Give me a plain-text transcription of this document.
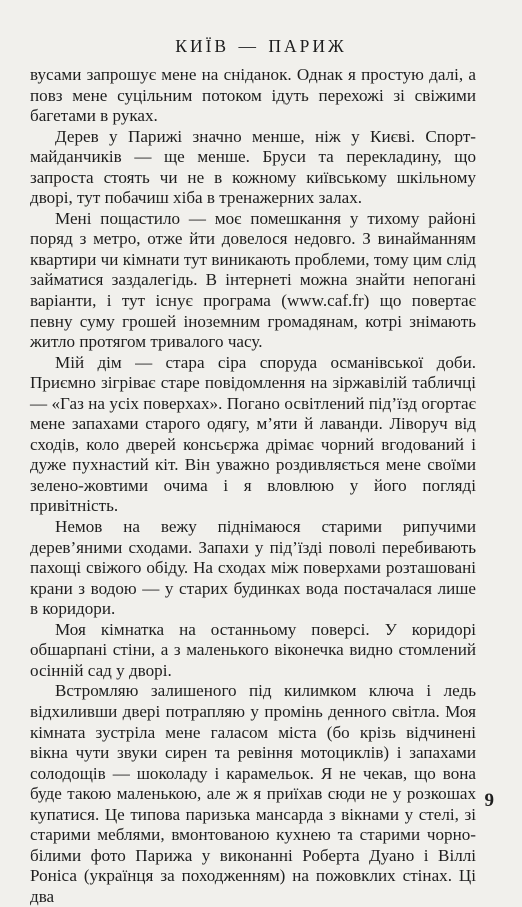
КИЇВ — ПАРИЖ

вусами запрошує мене на сніданок. Однак я простую далі, а повз мене суцільним потоком ідуть перехожі зі свіжими багетами в руках.

Дерев у Парижі значно менше, ніж у Києві. Спорт-майданчиків — ще менше. Бруси та перекладину, що запроста стоять чи не в кожному київському шкільному дворі, тут побачиш хіба в тренажерних залах.

Мені пощастило — моє помешкання у тихому районі поряд з метро, отже йти довелося недовго. З винайманням квартири чи кімнати тут виникають проблеми, тому цим слід займатися заздалегідь. В інтернеті можна знайти непогані варіанти, і тут існує програма (www.caf.fr) що повертає певну суму грошей іноземним громадянам, котрі знімають житло протягом тривалого часу.

Мій дім — стара сіра споруда османівської доби. Приємно зігріває старе повідомлення на зіржавілій табличці — «Газ на усіх поверхах». Погано освітлений під’їзд огортає мене запахами старого одягу, м’яти й лаванди. Ліворуч від сходів, коло дверей консьєржа дрімає чорний вгодований і дуже пухнастий кіт. Він уважно роздивляється мене своїми зелено-жовтими очима і я вловлюю у його погляді привітність.

Немов на вежу піднімаюся старими рипучими дерев’яними сходами. Запахи у під’їзді поволі перебивають пахощі свіжого обіду. На сходах між поверхами розташовані крани з водою — у старих будинках вода постачалася лише в коридори.

Моя кімнатка на останньому поверсі. У коридорі обшарпані стіни, а з маленького віконечка видно стомлений осінній сад у дворі.

Встромляю залишеного під килимком ключа і ледь відхиливши двері потрапляю у промінь денного світла. Моя кімната зустріла мене галасом міста (бо крізь відчинені вікна чути звуки сирен та ревіння мотоциклів) і запахами солодощів — шоколаду і карамельок. Я не чекав, що вона буде такою маленькою, але ж я приїхав сюди не у розкошах купатися. Це типова паризька мансарда з вікнами у стелі, зі старими меблями, вмонтованою кухнею та старими чорно-білими фото Парижа у виконанні Роберта Дуано і Віллі Роніса (українця за походженням) на пожовклих стінах. Ці два

9
